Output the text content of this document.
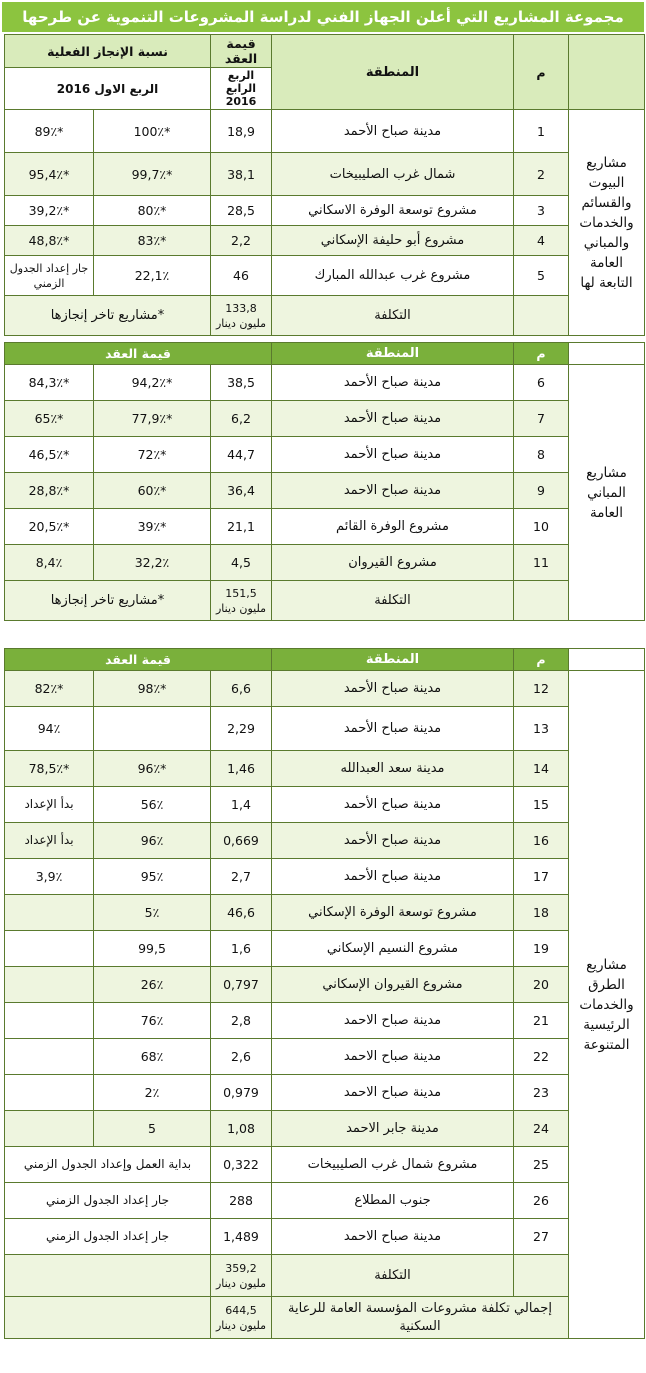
مجموعة المشاريع التي أعلن الجهاز الفني لدراسة المشروعات التنموية عن طرحها
نسبة الإنجاز الفعلية		قيمة العقد	المنطقة	م	
الربع الاول 2016		الربع الرابع 2016			
89٪*	100٪*	18,9	مدينة صباح الأحمد	1	مشاريع البيوت والقسائم والخدمات والمباني العامة التابعة لها
95,4٪*	99,7٪*	38,1	شمال غرب الصليبيخات	2	
39,2٪*	80٪*	28,5	مشروع توسعة الوفرة الاسكاني	3	
48,8٪*	83٪*	2,2	مشروع أبو حليفة الإسكاني	4	
جار إعداد الجدول الزمني	22,1٪	46	مشروع غرب عبدالله المبارك	5	
*مشاريع تاخر إنجازها		133,8 مليون دينار	التكلفة		
قيمة العقد			المنطقة	م	
84,3٪*	94,2٪*	38,5	مدينة صباح الأحمد	6	مشاريع المباني العامة
65٪*	77,9٪*	6,2	مدينة صباح الأحمد	7	
46,5٪*	72٪*	44,7	مدينة صباح الأحمد	8	
28,8٪*	60٪*	36,4	مدينة صباح الاحمد	9	
20,5٪*	39٪*	21,1	مشروع الوفرة القائم	10	
8,4٪	32,2٪	4,5	مشروع القيروان	11	
*مشاريع تاخر إنجازها		151,5 مليون دينار	التكلفة		
قيمة العقد			المنطقة	م	
82٪*	98٪*	6,6	مدينة صباح الأحمد	12	مشاريع الطرق والخدمات الرئيسية المتنوعة
94٪		2,29	مدينة صباح الأحمد	13	
78,5٪*	96٪*	1,46	مدينة سعد العبدالله	14	
بدأ الإعداد	56٪	1,4	مدينة صباح الأحمد	15	
بدأ الإعداد	96٪	0,669	مدينة صباح الأحمد	16	
3,9٪	95٪	2,7	مدينة صباح الأحمد	17	
	5٪	46,6	مشروع توسعة الوفرة الإسكاني	18	
	99,5	1,6	مشروع النسيم الإسكاني	19	
	26٪	0,797	مشروع القيروان الإسكاني	20	
	76٪	2,8	مدينة صباح الاحمد	21	
	68٪	2,6	مدينة صباح الاحمد	22	
	2٪	0,979	مدينة صباح الاحمد	23	
	5	1,08	مدينة جابر الاحمد	24	
بداية العمل وإعداد الجدول الزمني		0,322	مشروع شمال غرب الصليبيخات	25	
جار إعداد الجدول الزمني		288	جنوب المطلاع	26	
جار إعداد الجدول الزمني		1,489	مدينة صباح الاحمد	27	
		359,2 مليون دينار	التكلفة		
		644,5 مليون دينار	إجمالي تكلفة مشروعات المؤسسة العامة للرعاية السكنية		
